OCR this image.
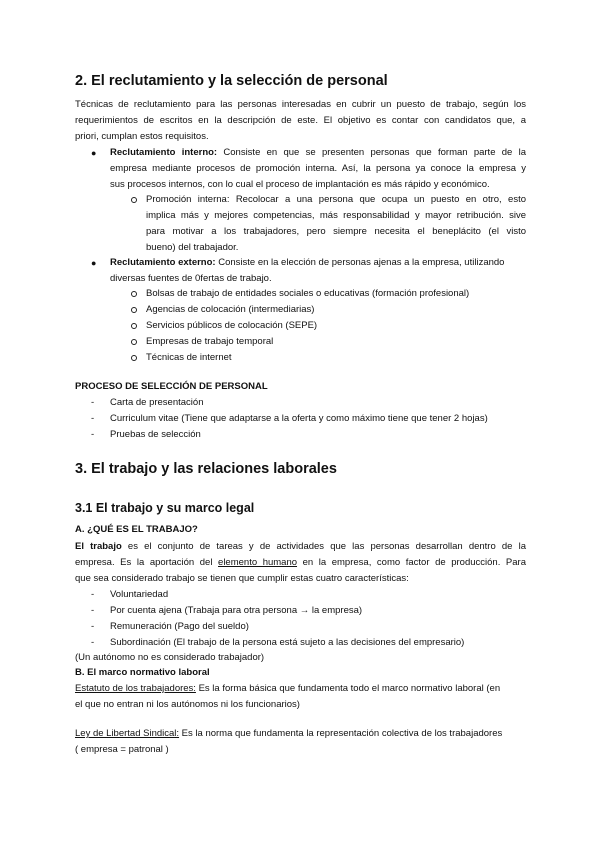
2. El reclutamiento y la selección de personal
Técnicas de reclutamiento para las personas interesadas en cubrir un puesto de trabajo, según los
requerimientos de escritos en la descripción de este. El objetivo es contar con candidatos que, a
priori, cumplan estos requisitos.
● Reclutamiento interno: Consiste en que se presenten personas que forman parte de la
empresa mediante procesos de promoción interna. Así, la persona ya conoce la empresa y
sus procesos internos, con lo cual el proceso de implantación es más rápido y económico.
Promoción interna: Recolocar a una persona que ocupa un puesto en otro, esto
implica más y mejores competencias, más responsabilidad y mayor retribución. sive
para motivar a los trabajadores, pero siempre necesita el beneplácito (el visto
bueno) del trabajador.
● Reclutamiento externo: Consiste en la elección de personas ajenas a la empresa, utilizando
diversas fuentes de 0fertas de trabajo.
Bolsas de trabajo de entidades sociales o educativas (formación profesional)
Agencias de colocación (intermediarias)
Servicios públicos de colocación (SEPE)
Empresas de trabajo temporal
Técnicas de internet
PROCESO DE SELECCIÓN DE PERSONAL
- Carta de presentación
- Curriculum vitae (Tiene que adaptarse a la oferta y como máximo tiene que tener 2 hojas)
- Pruebas de selección
3. El trabajo y las relaciones laborales
3.1 El trabajo y su marco legal
A. ¿QUÉ ES EL TRABAJO?
El trabajo es el conjunto de tareas y de actividades que las personas desarrollan dentro de la
empresa. Es la aportación del elemento humano en la empresa, como factor de producción. Para
que sea considerado trabajo se tienen que cumplir estas cuatro características:
- Voluntariedad
- Por cuenta ajena (Trabaja para otra persona → la empresa)
- Remuneración (Pago del sueldo)
- Subordinación (El trabajo de la persona está sujeto a las decisiones del empresario)
(Un autónomo no es considerado trabajador)
B. El marco normativo laboral
Estatuto de los trabajadores: Es la forma básica que fundamenta todo el marco normativo laboral (en
el que no entran ni los autónomos ni los funcionarios)
Ley de Libertad Sindical: Es la norma que fundamenta la representación colectiva de los trabajadores
( empresa = patronal )
